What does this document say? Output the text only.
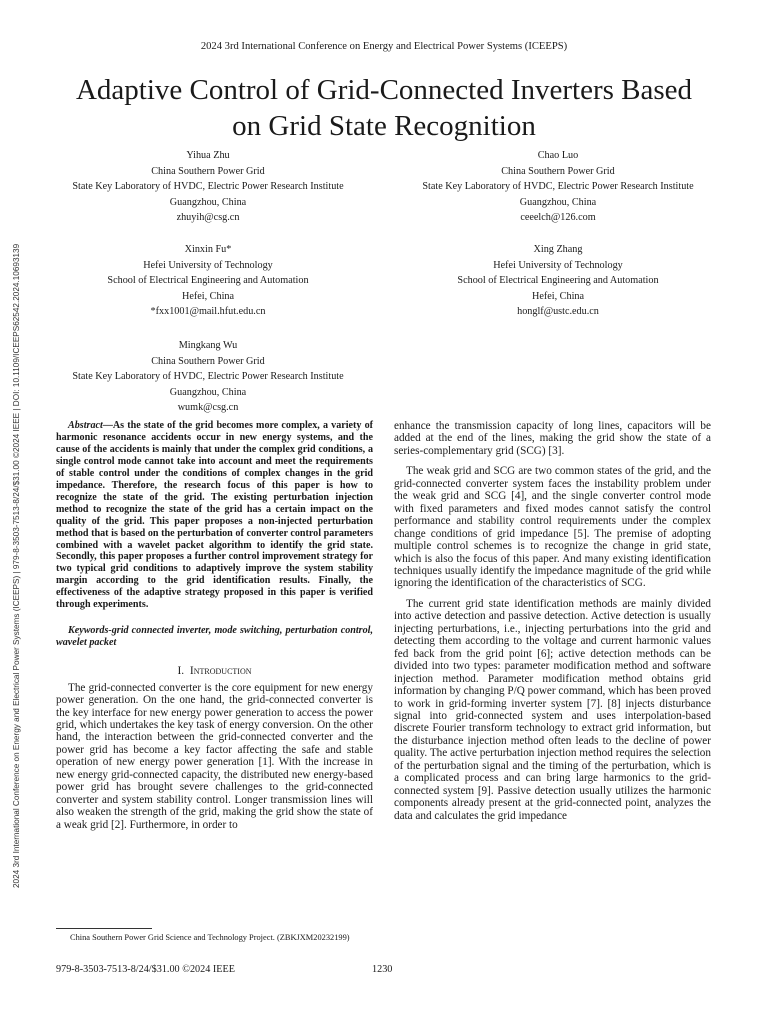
2024 3rd International Conference on Energy and Electrical Power Systems (ICEEPS) | 979-8-3503-7513-8/24/$31.00 ©2024 IEEE | DOI: 10.1109/ICEEPS62542.2024.10693139
2024 3rd International Conference on Energy and Electrical Power Systems (ICEEPS)
Adaptive Control of Grid-Connected Inverters Based
on Grid State Recognition
Yihua Zhu
China Southern Power Grid
State Key Laboratory of HVDC, Electric Power Research Institute
Guangzhou, China
zhuyih@csg.cn
Chao Luo
China Southern Power Grid
State Key Laboratory of HVDC, Electric Power Research Institute
Guangzhou, China
ceeelch@126.com
Xinxin Fu*
Hefei University of Technology
School of Electrical Engineering and Automation
Hefei, China
*fxx1001@mail.hfut.edu.cn
Xing Zhang
Hefei University of Technology
School of Electrical Engineering and Automation
Hefei, China
honglf@ustc.edu.cn
Mingkang Wu
China Southern Power Grid
State Key Laboratory of HVDC, Electric Power Research Institute
Guangzhou, China
wumk@csg.cn

Abstract—As the state of the grid becomes more complex, a variety of harmonic resonance accidents occur in new energy systems, and the cause of the accidents is mainly that under the complex grid conditions, a single control mode cannot take into account and meet the requirements of stable control under the conditions of complex changes in the grid impedance. Therefore, the research focus of this paper is how to recognize the state of the grid. The existing perturbation injection method to recognize the state of the grid has a certain impact on the quality of the grid. This paper proposes a non-injected perturbation method that is based on the perturbation of converter control parameters combined with a wavelet packet algorithm to identify the grid state. Secondly, this paper proposes a further control improvement strategy for two typical grid conditions to adaptively improve the system stability margin according to the grid identification results. Finally, the effectiveness of the adaptive strategy proposed in this paper is verified through experiments.

Keywords-grid connected inverter, mode switching, perturbation control, wavelet packet

I. Introduction

The grid-connected converter is the core equipment for new energy power generation. On the one hand, the grid-connected converter is the key interface for new energy power generation to access the power grid, which undertakes the key task of energy conversion. On the other hand, the interaction between the grid-connected converter and the power grid has become a key factor affecting the safe and stable operation of new energy power generation [1]. With the increase in new energy grid-connected capacity, the distributed new energy-based power grid has brought severe challenges to the grid-connected converter and system stability control. Longer transmission lines will also weaken the strength of the grid, making the grid show the state of a weak grid [2]. Furthermore, in order to

enhance the transmission capacity of long lines, capacitors will be added at the end of the lines, making the grid show the state of a series-complementary grid (SCG) [3].

The weak grid and SCG are two common states of the grid, and the grid-connected converter system faces the instability problem under the weak grid and SCG [4], and the single converter control mode with fixed parameters and fixed modes cannot satisfy the control performance and stability control requirements under the complex change conditions of grid impedance [5]. The premise of adopting multiple control schemes is to recognize the change in grid state, which is also the focus of this paper. And many existing identification techniques usually identify the impedance magnitude of the grid while ignoring the identification of the characteristics of SCG.

The current grid state identification methods are mainly divided into active detection and passive detection. Active detection is usually injecting perturbations, i.e., injecting perturbations into the grid and detecting them according to the voltage and current harmonic values fed back from the grid point [6]; active detection methods can be divided into two types: parameter modification method and software injection method. Parameter modification method obtains grid information by changing P/Q power command, which has been proved to work in grid-forming inverter system [7]. [8] injects disturbance signal into grid-connected system and uses interpolation-based discrete Fourier transform technology to extract grid information, but the disturbance injection method often leads to the decline of power quality. The active perturbation injection method requires the selection of the perturbation signal and the timing of the perturbation, which is a complicated process and can bring large harmonics to the grid-connected system [9]. Passive detection usually utilizes the harmonic components already present at the grid-connected point, analyzes the data and calculates the grid impedance

China Southern Power Grid Science and Technology Project. (ZBKJXM20232199)
979-8-3503-7513-8/24/$31.00 ©2024 IEEE	1230
